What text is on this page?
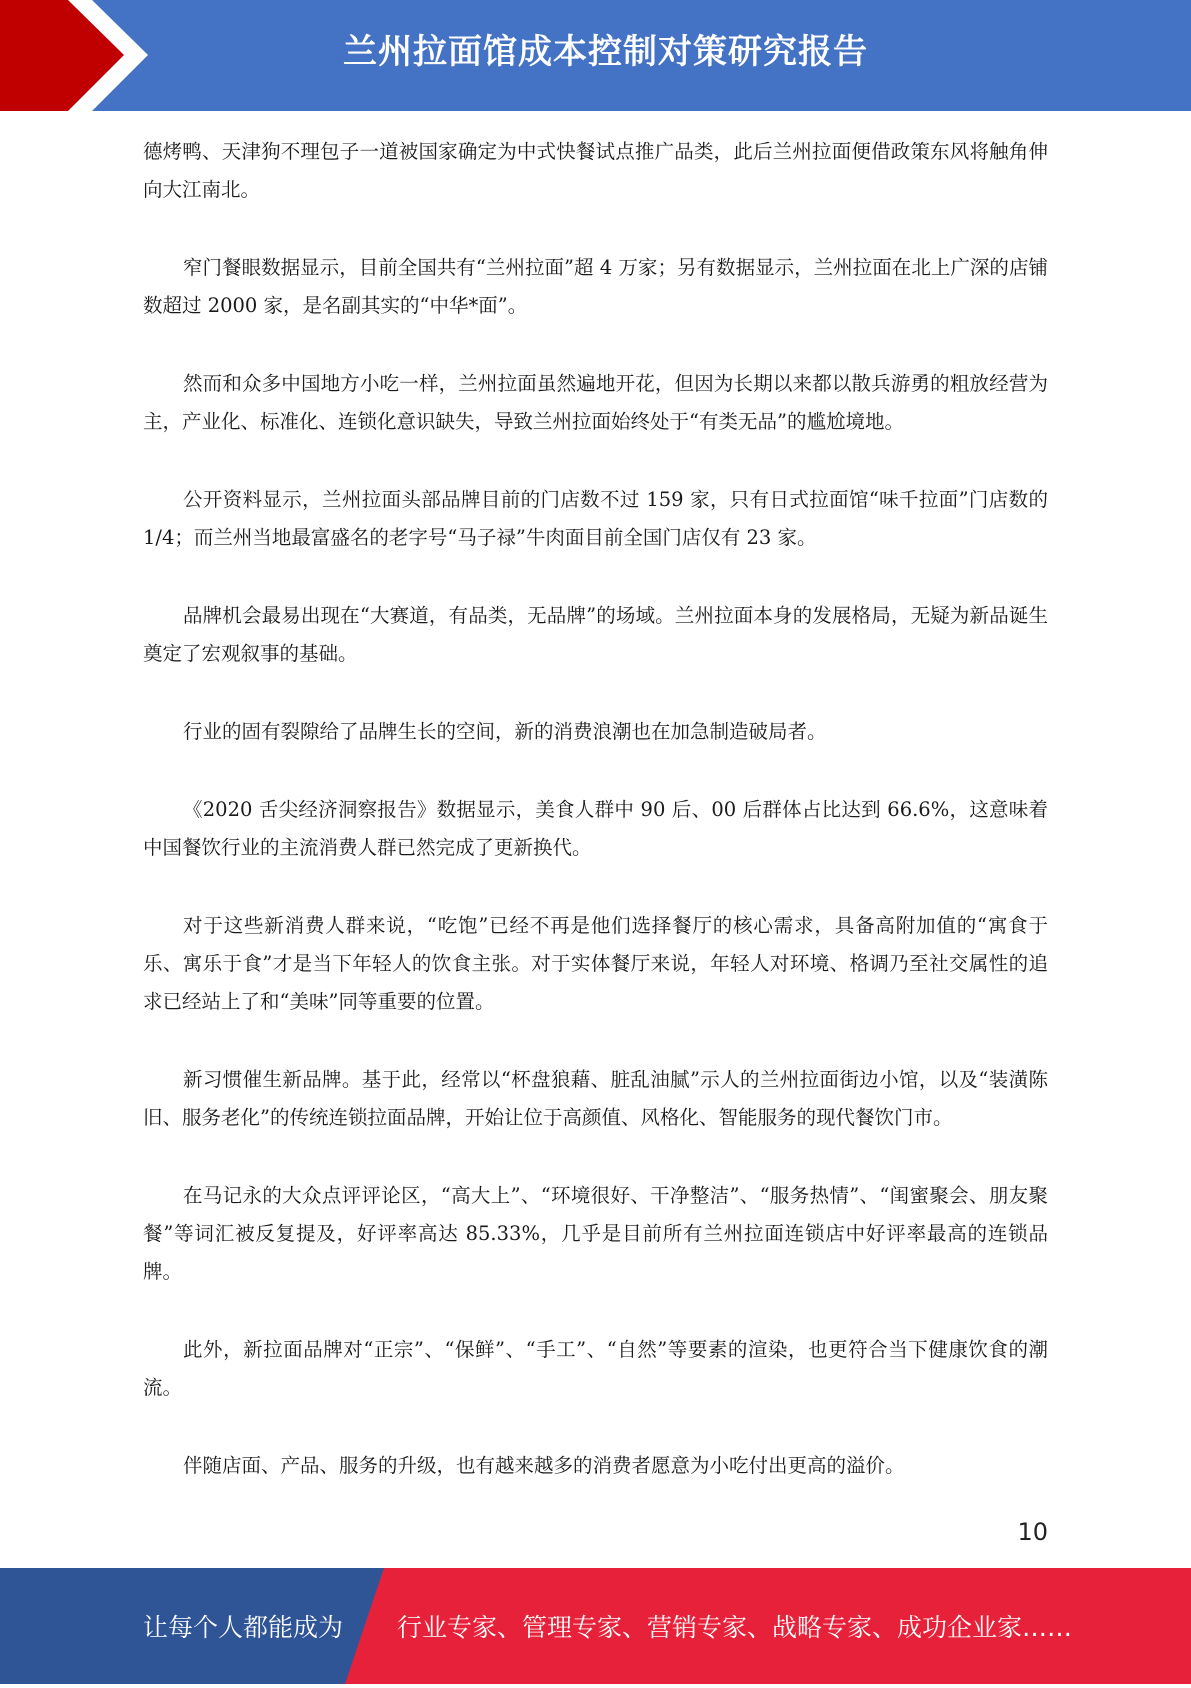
兰州拉面馆成本控制对策研究报告

德烤鸭、天津狗不理包子一道被国家确定为中式快餐试点推广品类，此后兰州拉面便借政策东风将触角伸向大江南北。

窄门餐眼数据显示，目前全国共有“兰州拉面”超 4 万家；另有数据显示，兰州拉面在北上广深的店铺数超过 2000 家，是名副其实的“中华*面”。

然而和众多中国地方小吃一样，兰州拉面虽然遍地开花，但因为长期以来都以散兵游勇的粗放经营为主，产业化、标准化、连锁化意识缺失，导致兰州拉面始终处于“有类无品”的尴尬境地。

公开资料显示，兰州拉面头部品牌目前的门店数不过 159 家，只有日式拉面馆“味千拉面”门店数的 1/4；而兰州当地最富盛名的老字号“马子禄”牛肉面目前全国门店仅有 23 家。

品牌机会最易出现在“大赛道，有品类，无品牌”的场域。兰州拉面本身的发展格局，无疑为新品诞生奠定了宏观叙事的基础。

行业的固有裂隙给了品牌生长的空间，新的消费浪潮也在加急制造破局者。

《2020 舌尖经济洞察报告》数据显示，美食人群中 90 后、00 后群体占比达到 66.6%，这意味着中国餐饮行业的主流消费人群已然完成了更新换代。

对于这些新消费人群来说，“吃饱”已经不再是他们选择餐厅的核心需求，具备高附加值的“寓食于乐、寓乐于食”才是当下年轻人的饮食主张。对于实体餐厅来说，年轻人对环境、格调乃至社交属性的追求已经站上了和“美味”同等重要的位置。

新习惯催生新品牌。基于此，经常以“杯盘狼藉、脏乱油腻”示人的兰州拉面街边小馆，以及“装潢陈旧、服务老化”的传统连锁拉面品牌，开始让位于高颜值、风格化、智能服务的现代餐饮门市。

在马记永的大众点评评论区，“高大上”、“环境很好、干净整洁”、“服务热情”、“闺蜜聚会、朋友聚餐”等词汇被反复提及，好评率高达 85.33%，几乎是目前所有兰州拉面连锁店中好评率最高的连锁品牌。

此外，新拉面品牌对“正宗”、“保鲜”、“手工”、“自然”等要素的渲染，也更符合当下健康饮食的潮流。

伴随店面、产品、服务的升级，也有越来越多的消费者愿意为小吃付出更高的溢价。

10
让每个人都能成为 行业专家、管理专家、营销专家、战略专家、成功企业家……
